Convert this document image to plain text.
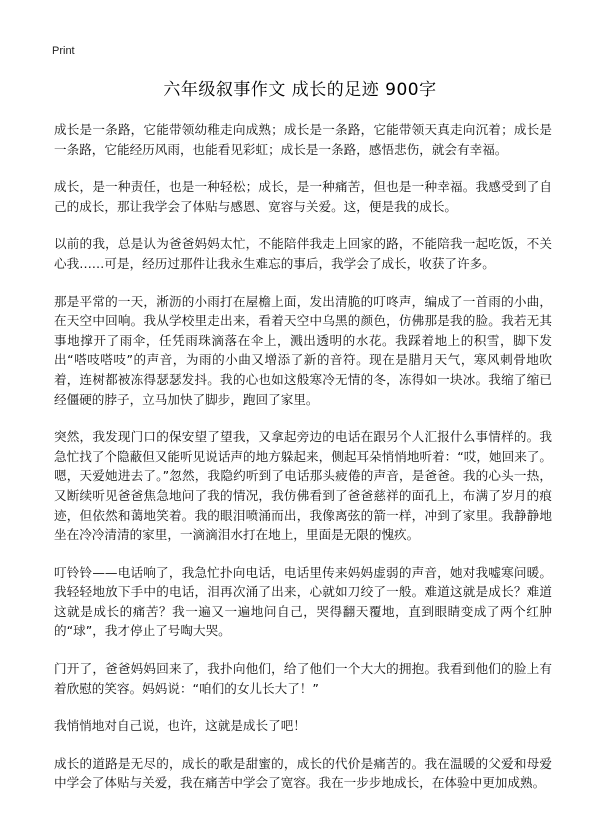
Print
六年级叙事作文 成长的足迹 900字

成长是一条路，它能带领幼稚走向成熟；成长是一条路，它能带领天真走向沉着；成长是一条路，它能经历风雨，也能看见彩虹；成长是一条路，感悟悲伤，就会有幸福。

成长，是一种责任，也是一种轻松；成长，是一种痛苦，但也是一种幸福。我感受到了自己的成长，那让我学会了体贴与感恩、宽容与关爱。这，便是我的成长。

以前的我，总是认为爸爸妈妈太忙，不能陪伴我走上回家的路，不能陪我一起吃饭，不关心我……可是，经历过那件让我永生难忘的事后，我学会了成长，收获了许多。

那是平常的一天，淅沥的小雨打在屋檐上面，发出清脆的叮咚声，编成了一首雨的小曲，在天空中回响。我从学校里走出来，看着天空中乌黑的颜色，仿佛那是我的脸。我若无其事地撑开了雨伞，任凭雨珠滴落在伞上，溅出透明的水花。我踩着地上的积雪，脚下发出“嗒吱嗒吱”的声音，为雨的小曲又增添了新的音符。现在是腊月天气，寒风刺骨地吹着，连树都被冻得瑟瑟发抖。我的心也如这般寒冷无情的冬，冻得如一块冰。我缩了缩已经僵硬的脖子，立马加快了脚步，跑回了家里。

突然，我发现门口的保安望了望我，又拿起旁边的电话在跟另个人汇报什么事情样的。我急忙找了个隐蔽但又能听见说话声的地方躲起来，侧起耳朵悄悄地听着：“哎，她回来了。嗯，天爱她进去了。”忽然，我隐约听到了电话那头疲倦的声音，是爸爸。我的心头一热，又断续听见爸爸焦急地问了我的情况，我仿佛看到了爸爸慈祥的面孔上，布满了岁月的痕迹，但依然和蔼地笑着。我的眼泪喷涌而出，我像离弦的箭一样，冲到了家里。我静静地坐在冷冷清清的家里，一滴滴泪水打在地上，里面是无限的愧疚。

叮铃铃——电话响了，我急忙扑向电话，电话里传来妈妈虚弱的声音，她对我嘘寒问暖。我轻轻地放下手中的电话，泪再次涌了出来，心就如刀绞了一般。难道这就是成长？难道这就是成长的痛苦？我一遍又一遍地问自己，哭得翻天覆地，直到眼睛变成了两个红肿的“球”，我才停止了号啕大哭。

门开了，爸爸妈妈回来了，我扑向他们，给了他们一个大大的拥抱。我看到他们的脸上有着欣慰的笑容。妈妈说：“咱们的女儿长大了！”

我悄悄地对自己说，也许，这就是成长了吧！

成长的道路是无尽的，成长的歌是甜蜜的，成长的代价是痛苦的。我在温暖的父爱和母爱中学会了体贴与关爱，我在痛苦中学会了宽容。我在一步步地成长，在体验中更加成熟。
